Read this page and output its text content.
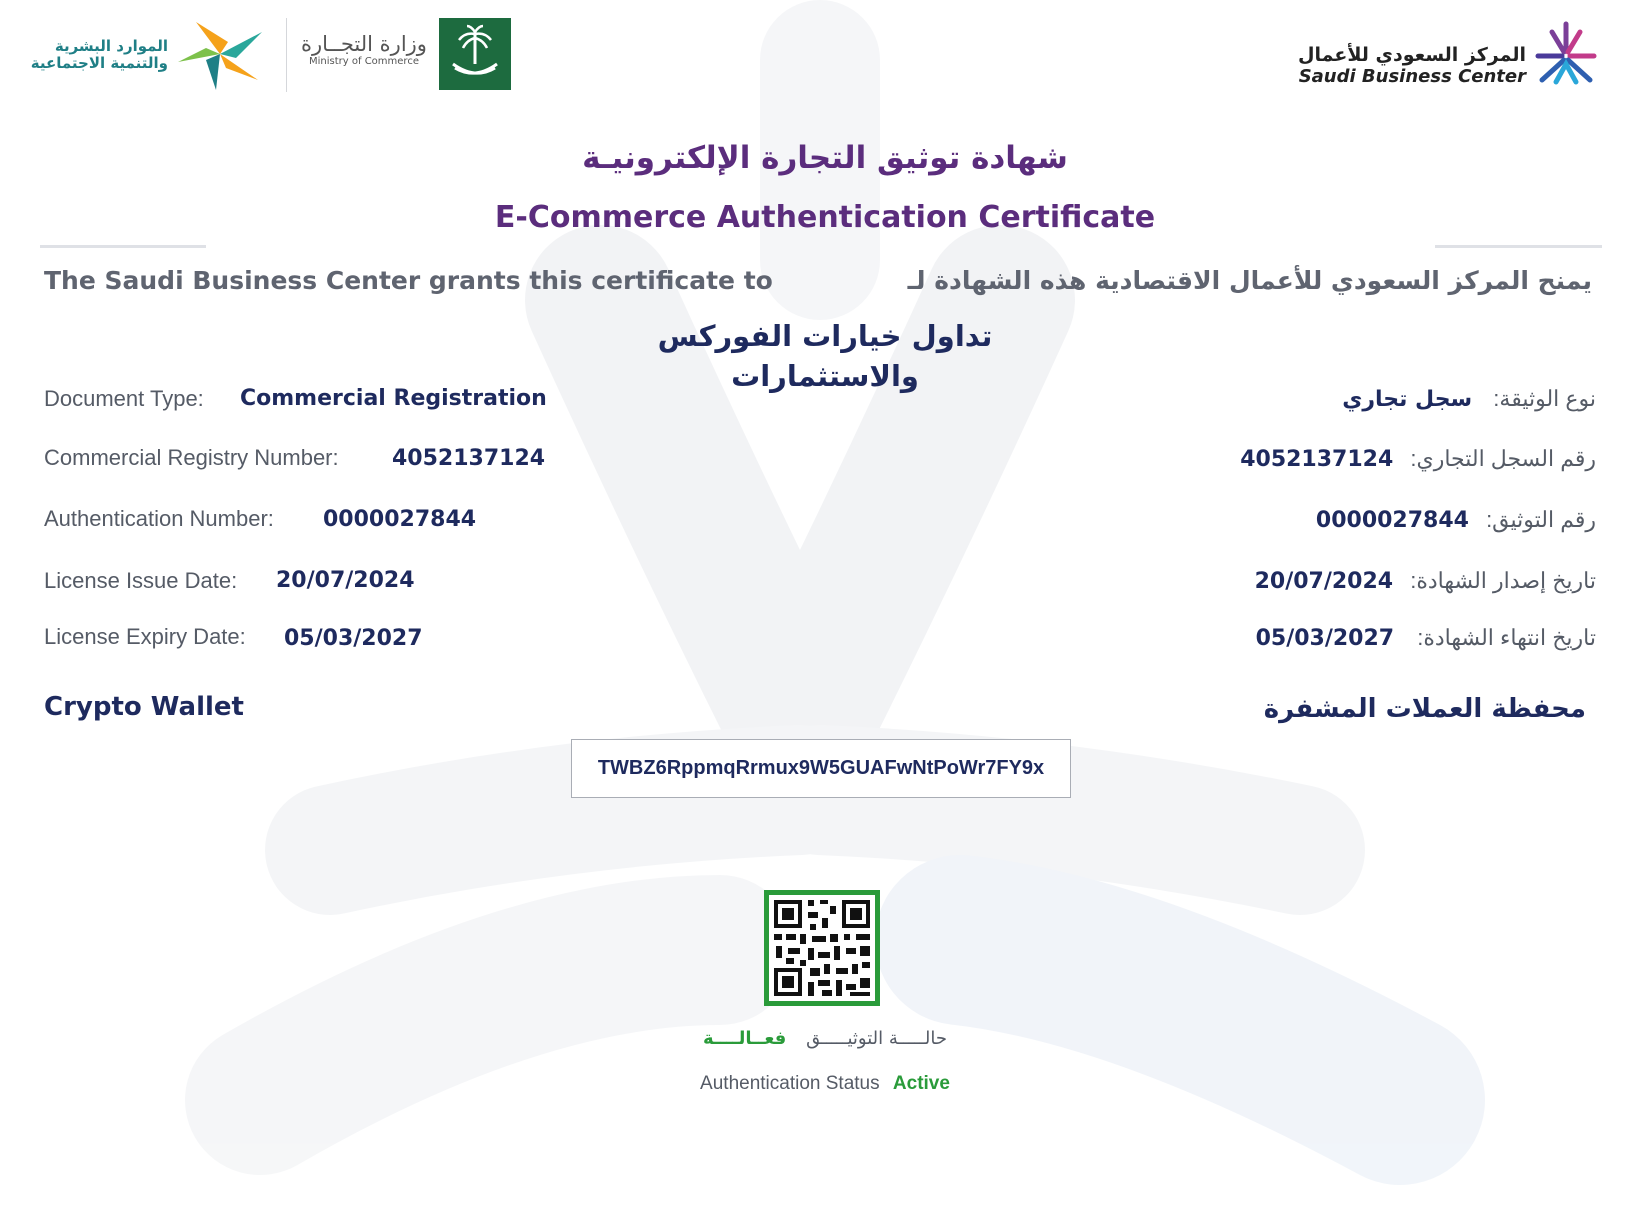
الموارد البشرية
والتنمية الاجتماعية
وزارة التجــارة
Ministry of Commerce	المركز السعودي للأعمال
Saudi Business Center
شهادة توثيق التجارة الإلكترونيـة
E-Commerce Authentication Certificate
The Saudi Business Center grants this certificate to	يمنح المركز السعودي للأعمال الاقتصادية هذه الشهادة لـ
تداول خيارات الفوركس
والاستثمارات
Document Type: Commercial Registration
Commercial Registry Number: 4052137124
Authentication Number: 0000027844
License Issue Date: 20/07/2024
License Expiry Date: 05/03/2027
نوع الوثيقة: سجل تجاري
رقم السجل التجاري: 4052137124
رقم التوثيق: 0000027844
تاريخ إصدار الشهادة: 20/07/2024
تاريخ انتهاء الشهادة: 05/03/2027
Crypto Wallet	محفظة العملات المشفرة
TWBZ6RppmqRrmux9W5GUAFwNtPoWr7FY9x
حالـــــة التوثيـــــق فعــالــــة
Authentication Status Active
